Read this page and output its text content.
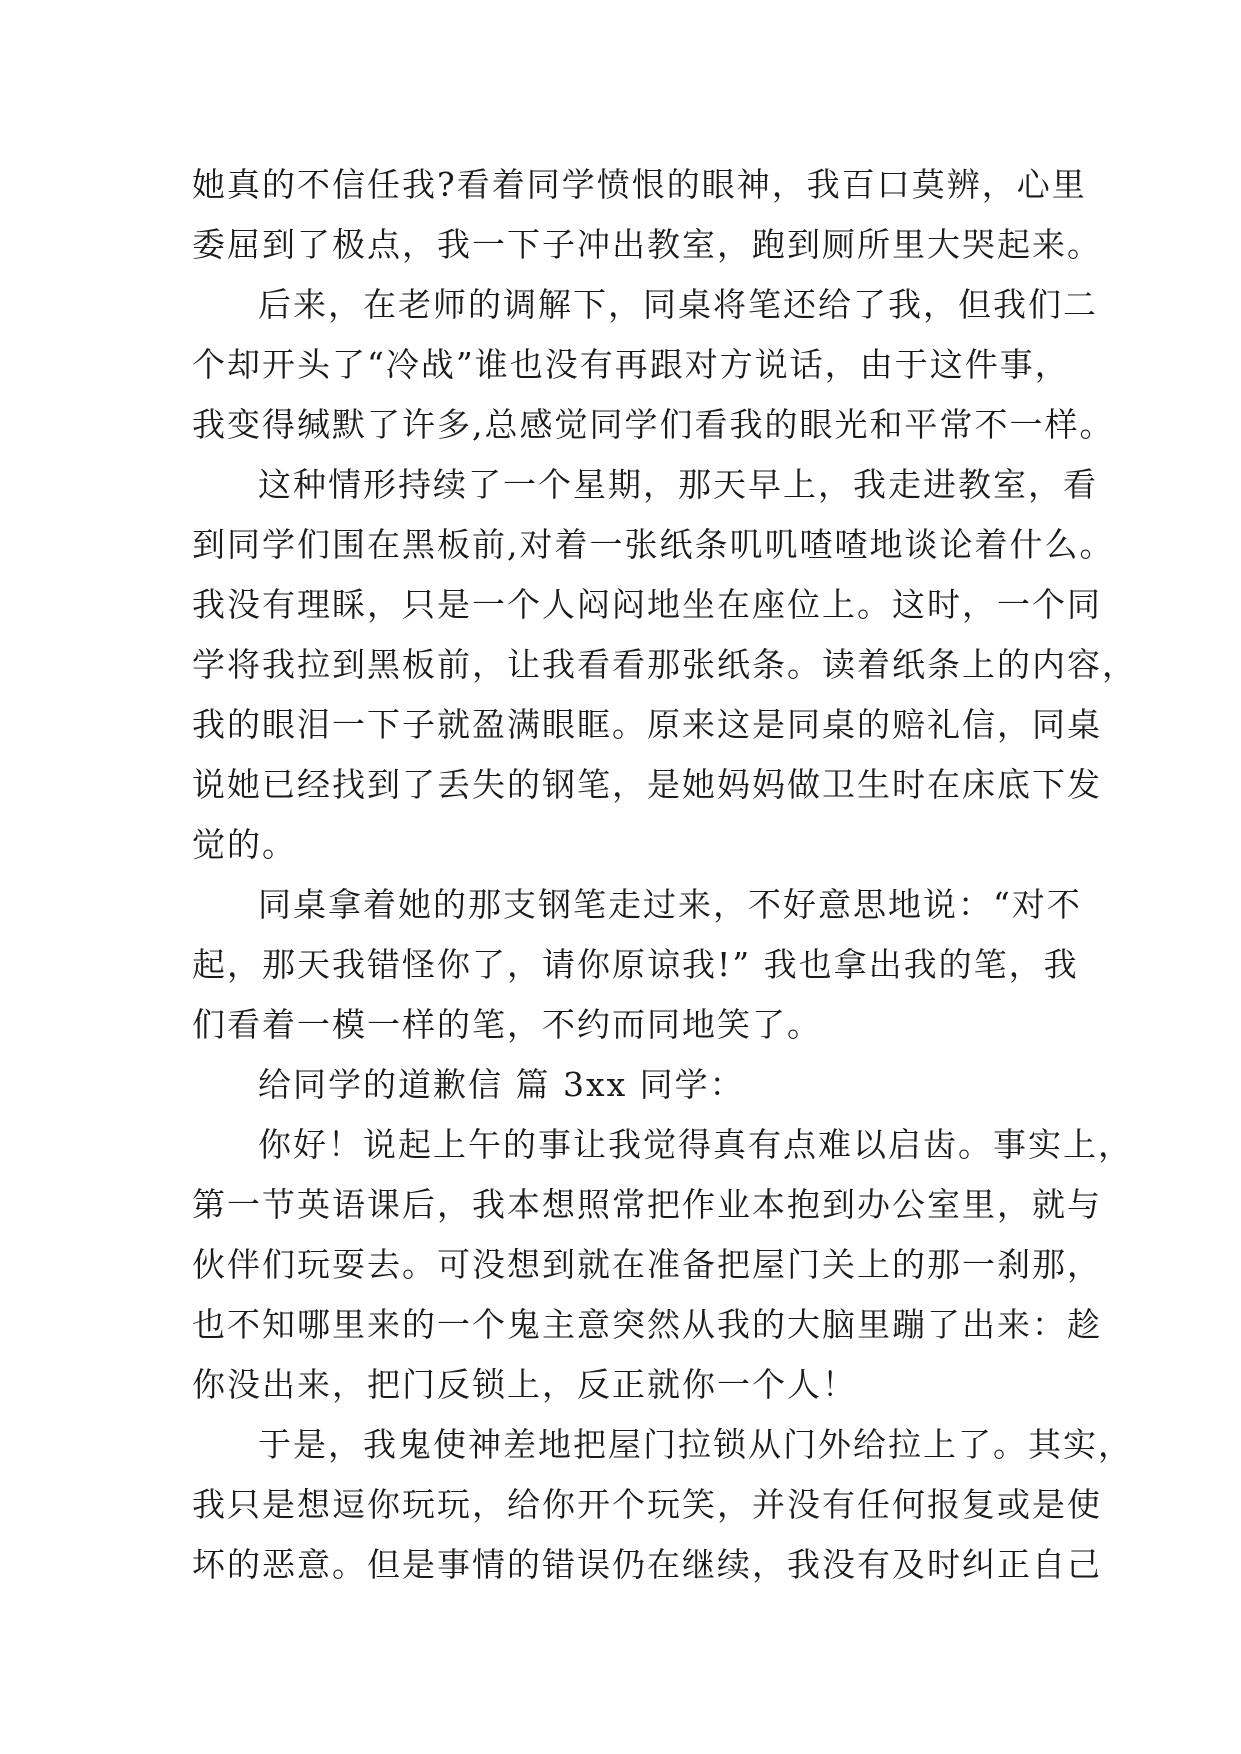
她真的不信任我?看着同学愤恨的眼神，我百口莫辨，心里
委屈到了极点，我一下子冲出教室，跑到厕所里大哭起来。
后来，在老师的调解下，同桌将笔还给了我，但我们二
个却开头了“冷战”谁也没有再跟对方说话，由于这件事，
我变得缄默了许多,总感觉同学们看我的眼光和平常不一样。
这种情形持续了一个星期，那天早上，我走进教室，看
到同学们围在黑板前,对着一张纸条叽叽喳喳地谈论着什么。
我没有理睬，只是一个人闷闷地坐在座位上。这时，一个同
学将我拉到黑板前，让我看看那张纸条。读着纸条上的内容，
我的眼泪一下子就盈满眼眶。原来这是同桌的赔礼信，同桌
说她已经找到了丢失的钢笔，是她妈妈做卫生时在床底下发
觉的。
同桌拿着她的那支钢笔走过来，不好意思地说：“对不
起，那天我错怪你了，请你原谅我!” 我也拿出我的笔，我
们看着一模一样的笔，不约而同地笑了。
给同学的道歉信 篇 3xx 同学：
你好！说起上午的事让我觉得真有点难以启齿。事实上，
第一节英语课后，我本想照常把作业本抱到办公室里，就与
伙伴们玩耍去。可没想到就在准备把屋门关上的那一刹那，
也不知哪里来的一个鬼主意突然从我的大脑里蹦了出来：趁
你没出来，把门反锁上，反正就你一个人！
于是，我鬼使神差地把屋门拉锁从门外给拉上了。其实，
我只是想逗你玩玩，给你开个玩笑，并没有任何报复或是使
坏的恶意。但是事情的错误仍在继续，我没有及时纠正自己
